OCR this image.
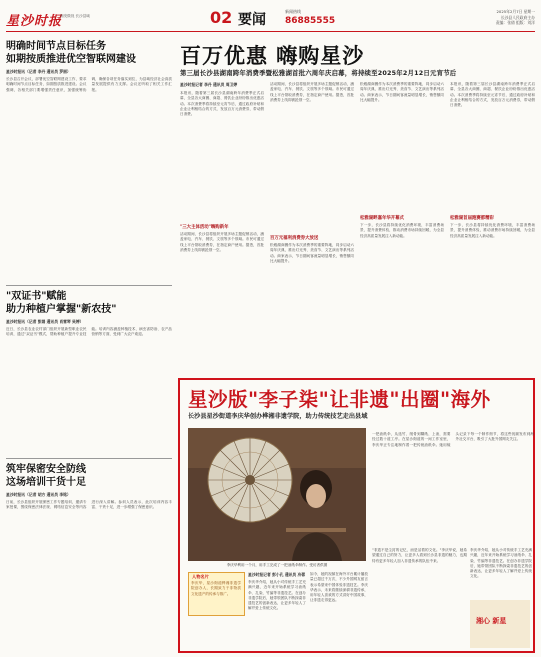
星沙时报
湘发微视 长沙县域	02 要闻
新闻热线
86885555
2025年2月7日 星期一
长沙县人民政府主办
责编：张倩 组版：刘洋
明确时间节点目标任务
如期按质推进优空智联网建设
星沙时报讯（记者 李丹 通讯员 罗丽）
长沙县召开会议，部署优空智联网建设工作，要求明确时间节点目标任务，如期按质推进建设。会议强调，各相关部门要增强责任意识，加强统筹协调，确保各项任务落实到位，为县域经济社会高质量发展提供有力支撑。会议还听取了相关工作汇报。
"双证书"赋能
助力种植户掌握"新农技"
星沙时报讯（记者 彭娟 通讯员 肖雪琴 吴婷）
近日，长沙县农业农村部门组织开展新型职业农民培训，通过"双证书"模式，帮助种植户提升专业技能。培训内容涵盖种植技术、病虫害防治、农产品营销等方面，受到广大农户欢迎。
筑牢保密安全防线
这场培训干货十足
星沙时报讯（记者 胡方 通讯员 李铭）
日前，长沙县组织开展保密工作专题培训，邀请专家授课，围绕保密法律法规、网络信息安全等内容进行深入讲解。参训人员表示，此次培训内容丰富、干货十足，进一步增强了保密意识。
百万优惠 嗨购星沙
第三届长沙县湖南跨年消费季暨松雅湖首批六周年庆启幕，将持续至2025年2月12日元宵节后
星沙时报记者 李丹 通讯员 周卫婷
本报讯，随着第三届长沙县湖南跨年消费季正式启幕，全县各大商圈、商超、餐饮企业纷纷推出优惠活动。本次消费季将持续至元宵节后，通过政府补贴和企业让利相结合的方式，发放百万元消费券，带动假日消费。
"三大主体活动"嗨购新年
活动期间，长沙县将组织开展多场主题促销活动，涵盖家电、汽车、餐饮、文旅等多个领域。市民可通过线上平台领取消费券，在指定商户使用。据悉，首批消费券上线即被抢领一空。
活动期间，长沙县将组织开展多场主题促销活动，涵盖家电、汽车、餐饮、文旅等多个领域。市民可通过线上平台领取消费券，在指定商户使用。据悉，首批消费券上线即被抢领一空。
百万元福利消费券大放送
松雅湖商圈作为本次消费季的重要阵地，同步启动六周年庆典，推出灯光秀、美食节、文艺演出等系列活动。商家表示，节日期间客流量明显增长，销售额同比大幅提升。
松雅湖商圈作为本次消费季的重要阵地，同步启动六周年庆典，推出灯光秀、美食节、文艺演出等系列活动。商家表示，节日期间客流量明显增长，销售额同比大幅提升。
松雅湖畔嘉年华开幕式
下一步，长沙县将持续优化消费环境，丰富消费场景，提升消费体验，推动消费市场持续回暖，为全县经济高质量发展注入新动能。
本报讯，随着第三届长沙县湖南跨年消费季正式启幕，全县各大商圈、商超、餐饮企业纷纷推出优惠活动。本次消费季将持续至元宵节后，通过政府补贴和企业让利相结合的方式，发放百万元消费券，带动假日消费。
松雅湖首届跑赛都精彩
下一步，长沙县将持续优化消费环境，丰富消费场景，提升消费体验，推动消费市场持续回暖，为全县经济高质量发展注入新动能。
星沙版"李子柒"让非遗"出圈"海外
长沙县星沙街道李庆华创办桦湘非遗学院，助力传统技艺走出县域
李庆华利用一个月，用手工完成了一把油纸伞制作。受访者供图
一把油纸伞，从选竹、削骨到糊纸、上油，需要经过数十道工序。在星沙街道的一间工作室里，李庆华正专注地制作着一把传统油纸伞。她用镜头记录下每一个制作细节，将这些视频发布到海外社交平台，吸引了大批外国网友关注。
人物名片
李庆华，星沙街道桦湘非遗学院创办人，长期致力于非物质文化遗产的传承与推广。
星沙时报记者 彭小孔 通讯员 冷蓉
李庆华介绍，她从小对传统手工艺充满兴趣，近年来开始系统学习油纸伞、扎染、竹编等非遗技艺。在创办非遗学院后，她带领团队不断探索非遗技艺的创新表达，让更多年轻人了解并爱上传统文化。
如今，她的视频在海外平台累计播放量已超过千万次，不少外国网友留言表示希望来中国体验非遗技艺。李庆华表示，未来将继续深耕非遗传承，用年轻人喜欢的方式讲好中国故事，让非遗走得更远。
"非遗不是尘封的记忆，而是活着的文化。"李庆华说，她希望通过自己的努力，让更多人看到长沙县非遗的魅力，也期待有更多年轻人加入非遗传承的队伍中来。
李庆华介绍，她从小对传统手工艺充满兴趣，近年来开始系统学习油纸伞、扎染、竹编等非遗技艺。在创办非遗学院后，她带领团队不断探索非遗技艺的创新表达，让更多年轻人了解并爱上传统文化。
湘心 新星
